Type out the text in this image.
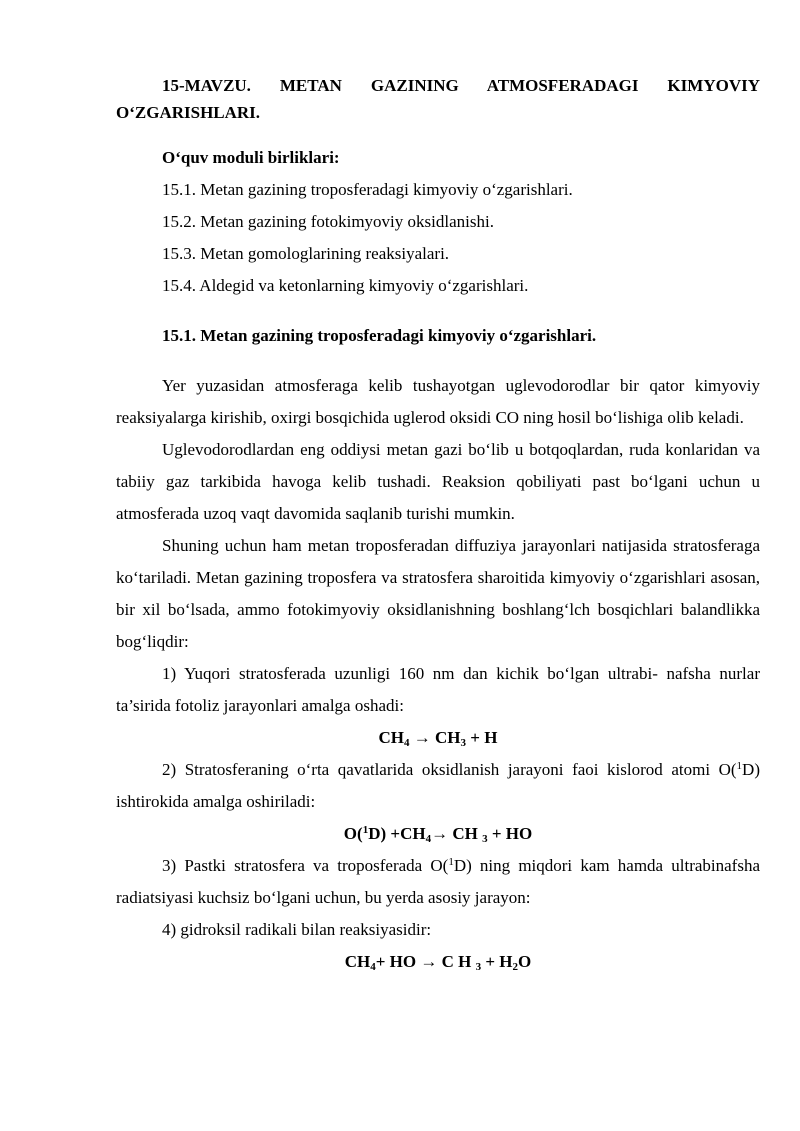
15-MAVZU. METAN GAZINING ATMOSFERADAGI KIMYOVIY O‘ZGARISHLARI.

O‘quv moduli birliklari:

15.1. Metan gazining troposferadagi kimyoviy o‘zgarishlari.

15.2. Metan gazining fotokimyoviy oksidlanishi.

15.3. Metan gomologlarining reaksiyalari.

15.4. Aldegid va ketonlarning kimyoviy o‘zgarishlari.

15.1. Metan gazining troposferadagi kimyoviy o‘zgarishlari.

Yer yuzasidan atmosferaga kelib tushayotgan uglevodorodlar bir qator kimyoviy reaksiyalarga kirishib, oxirgi bosqichida uglerod oksidi CO ning hosil bo‘lishiga olib keladi.

Uglevodorodlardan eng oddiysi metan gazi bo‘lib u botqoqlardan, ruda konlaridan va tabiiy gaz tarkibida havoga kelib tushadi. Reaksion qobiliyati past bo‘lgani uchun u atmosferada uzoq vaqt davomida saqlanib turishi mumkin.

Shuning uchun ham metan troposferadan diffuziya jarayonlari natijasida stratosferaga ko‘tariladi. Metan gazining troposfera va stratosfera sharoitida kimyoviy o‘zgarishlari asosan, bir xil bo‘lsada, ammo fotokimyoviy oksidlanishning boshlang‘lch bosqichlari balandlikka bog‘liqdir:

1) Yuqori stratosferada uzunligi 160 nm dan kichik bo‘lgan ultrabi- nafsha nurlar ta’sirida fotoliz jarayonlari amalga oshadi:

$CH_4 \to CH_3 + H$

2) Stratosferaning o‘rta qavatlarida oksidlanish jarayoni faoi kislorod atomi O($^1$D) ishtirokida amalga oshiriladi:

$O(^1D) +CH_4\to$ CH $_3$ + HO

3) Pastki stratosfera va troposferada O($^1$D) ning miqdori kam hamda ultrabinafsha radiatsiyasi kuchsiz bo‘lgani uchun, bu yerda asosiy jarayon:

4) gidroksil radikali bilan reaksiyasidir:

$CH_4+$ HO → C H $_3 + H_2O$
